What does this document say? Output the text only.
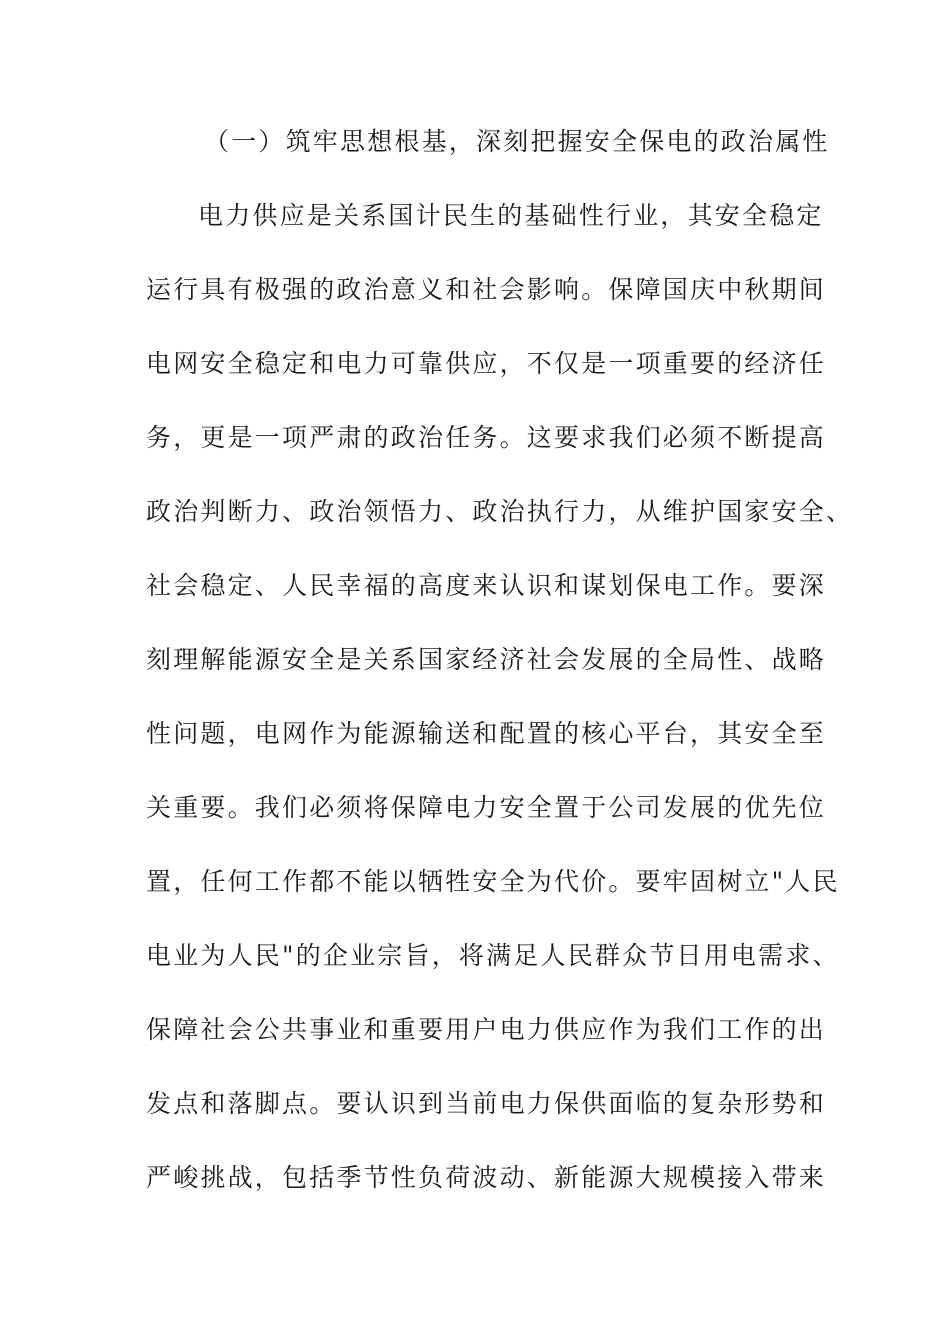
（一）筑牢思想根基，深刻把握安全保电的政治属性
电力供应是关系国计民生的基础性行业，其安全稳定
运行具有极强的政治意义和社会影响。保障国庆中秋期间
电网安全稳定和电力可靠供应，不仅是一项重要的经济任
务，更是一项严肃的政治任务。这要求我们必须不断提高
政治判断力、政治领悟力、政治执行力，从维护国家安全、
社会稳定、人民幸福的高度来认识和谋划保电工作。要深
刻理解能源安全是关系国家经济社会发展的全局性、战略
性问题，电网作为能源输送和配置的核心平台，其安全至
关重要。我们必须将保障电力安全置于公司发展的优先位
置，任何工作都不能以牺牲安全为代价。要牢固树立"人民
电业为人民"的企业宗旨，将满足人民群众节日用电需求、
保障社会公共事业和重要用户电力供应作为我们工作的出
发点和落脚点。要认识到当前电力保供面临的复杂形势和
严峻挑战，包括季节性负荷波动、新能源大规模接入带来
